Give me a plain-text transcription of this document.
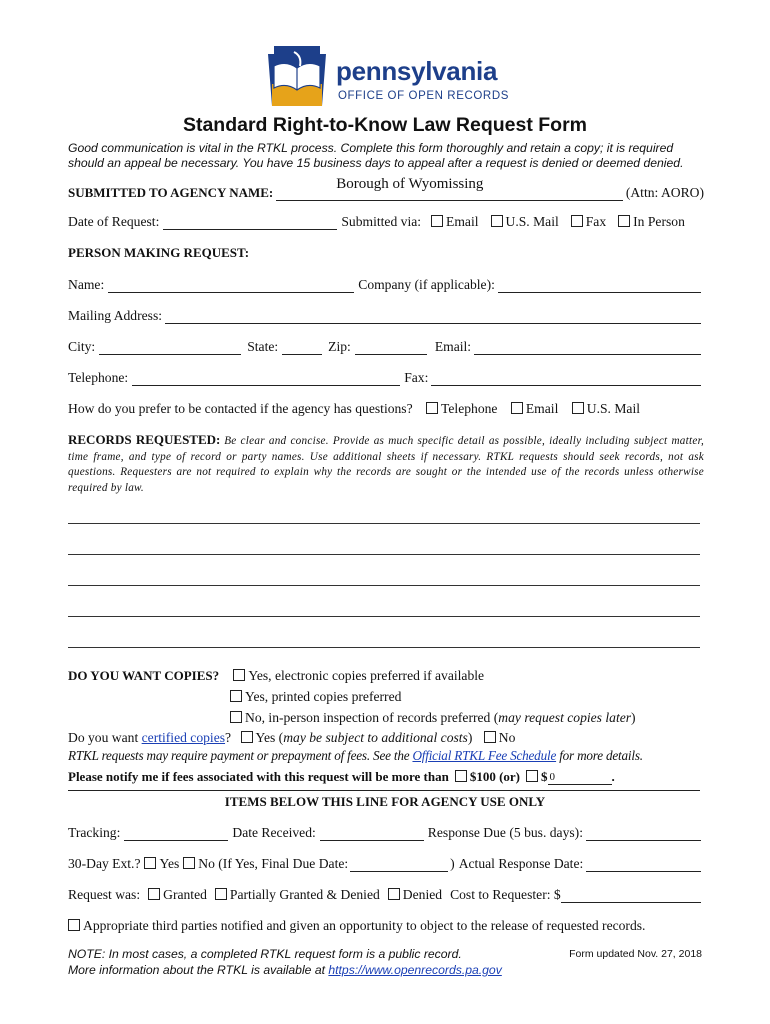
pennsylvania
OFFICE OF OPEN RECORDS
Standard Right-to-Know Law Request Form
Good communication is vital in the RTKL process. Complete this form thoroughly and retain a copy; it is required should an appeal be necessary. You have 15 business days to appeal after a request is denied or deemed denied.
SUBMITTED TO AGENCY NAME:
Borough of Wyomissing
(Attn: AORO)
Date of Request:	Submitted via:	Email	U.S. Mail	Fax	In Person
PERSON MAKING REQUEST:
Name:	Company (if applicable):
Mailing Address:
City:	State:	Zip:	Email:
Telephone:	Fax:
How do you prefer to be contacted if the agency has questions? Telephone Email U.S. Mail
RECORDS REQUESTED: Be clear and concise. Provide as much specific detail as possible, ideally including subject matter, time frame, and type of record or party names. Use additional sheets if necessary. RTKL requests should seek records, not ask questions. Requesters are not required to explain why the records are sought or the intended use of the records unless otherwise required by law.
DO YOU WANT COPIES? Yes, electronic copies preferred if available
Yes, printed copies preferred
No, in-person inspection of records preferred (may request copies later)
Do you want certified copies? Yes (may be subject to additional costs) No
RTKL requests may require payment or prepayment of fees. See the Official RTKL Fee Schedule for more details.
Please notify me if fees associated with this request will be more than	$100 (or)	$ 0	.
ITEMS BELOW THIS LINE FOR AGENCY USE ONLY
Tracking:	Date Received:	Response Due (5 bus. days):
30-Day Ext.?	Yes	No (If Yes, Final Due Date:	) Actual Response Date:
Request was:	Granted	Partially Granted & Denied	Denied Cost to Requester: $
Appropriate third parties notified and given an opportunity to object to the release of requested records.
NOTE: In most cases, a completed RTKL request form is a public record.
More information about the RTKL is available at https://www.openrecords.pa.gov
Form updated Nov. 27, 2018
